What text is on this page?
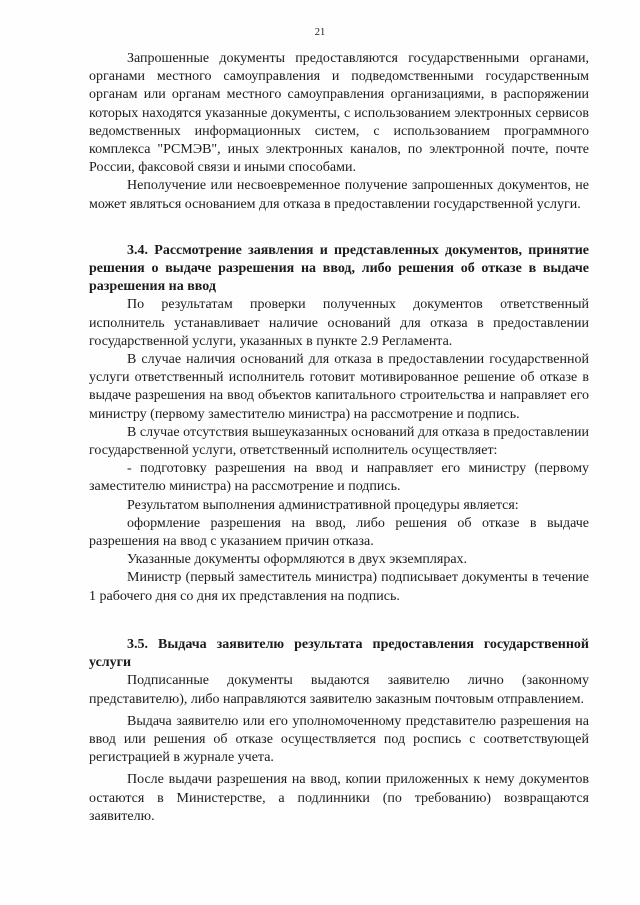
21

Запрошенные документы предоставляются государственными органами, органами местного самоуправления и подведомственными государственным органам или органам местного самоуправления организациями, в распоряжении которых находятся указанные документы, с использованием электронных сервисов ведомственных информационных систем, с использованием программного комплекса "РСМЭВ", иных электронных каналов, по электронной почте, почте России, факсовой связи и иными способами.

Неполучение или несвоевременное получение запрошенных документов, не может являться основанием для отказа в предоставлении государственной услуги.

3.4. Рассмотрение заявления и представленных документов, принятие решения о выдаче разрешения на ввод, либо решения об отказе в выдаче разрешения на ввод

По результатам проверки полученных документов ответственный исполнитель устанавливает наличие оснований для отказа в предоставлении государственной услуги, указанных в пункте 2.9 Регламента.

В случае наличия оснований для отказа в предоставлении государственной услуги ответственный исполнитель готовит мотивированное решение об отказе в выдаче разрешения на ввод объектов капитального строительства и направляет его министру (первому заместителю министра) на рассмотрение и подпись.

В случае отсутствия вышеуказанных оснований для отказа в предоставлении государственной услуги, ответственный исполнитель осуществляет:

- подготовку разрешения на ввод и направляет его министру (первому заместителю министра) на рассмотрение и подпись.

Результатом выполнения административной процедуры является:

оформление разрешения на ввод, либо решения об отказе в выдаче разрешения на ввод с указанием причин отказа.

Указанные документы оформляются в двух экземплярах.

Министр (первый заместитель министра) подписывает документы в течение 1 рабочего дня со дня их представления на подпись.

3.5. Выдача заявителю результата предоставления государственной услуги

Подписанные документы выдаются заявителю лично (законному представителю), либо направляются заявителю заказным почтовым отправлением.

Выдача заявителю или его уполномоченному представителю разрешения на ввод или решения об отказе осуществляется под роспись с соответствующей регистрацией в журнале учета.

После выдачи разрешения на ввод, копии приложенных к нему документов остаются в Министерстве, а подлинники (по требованию) возвращаются заявителю.
